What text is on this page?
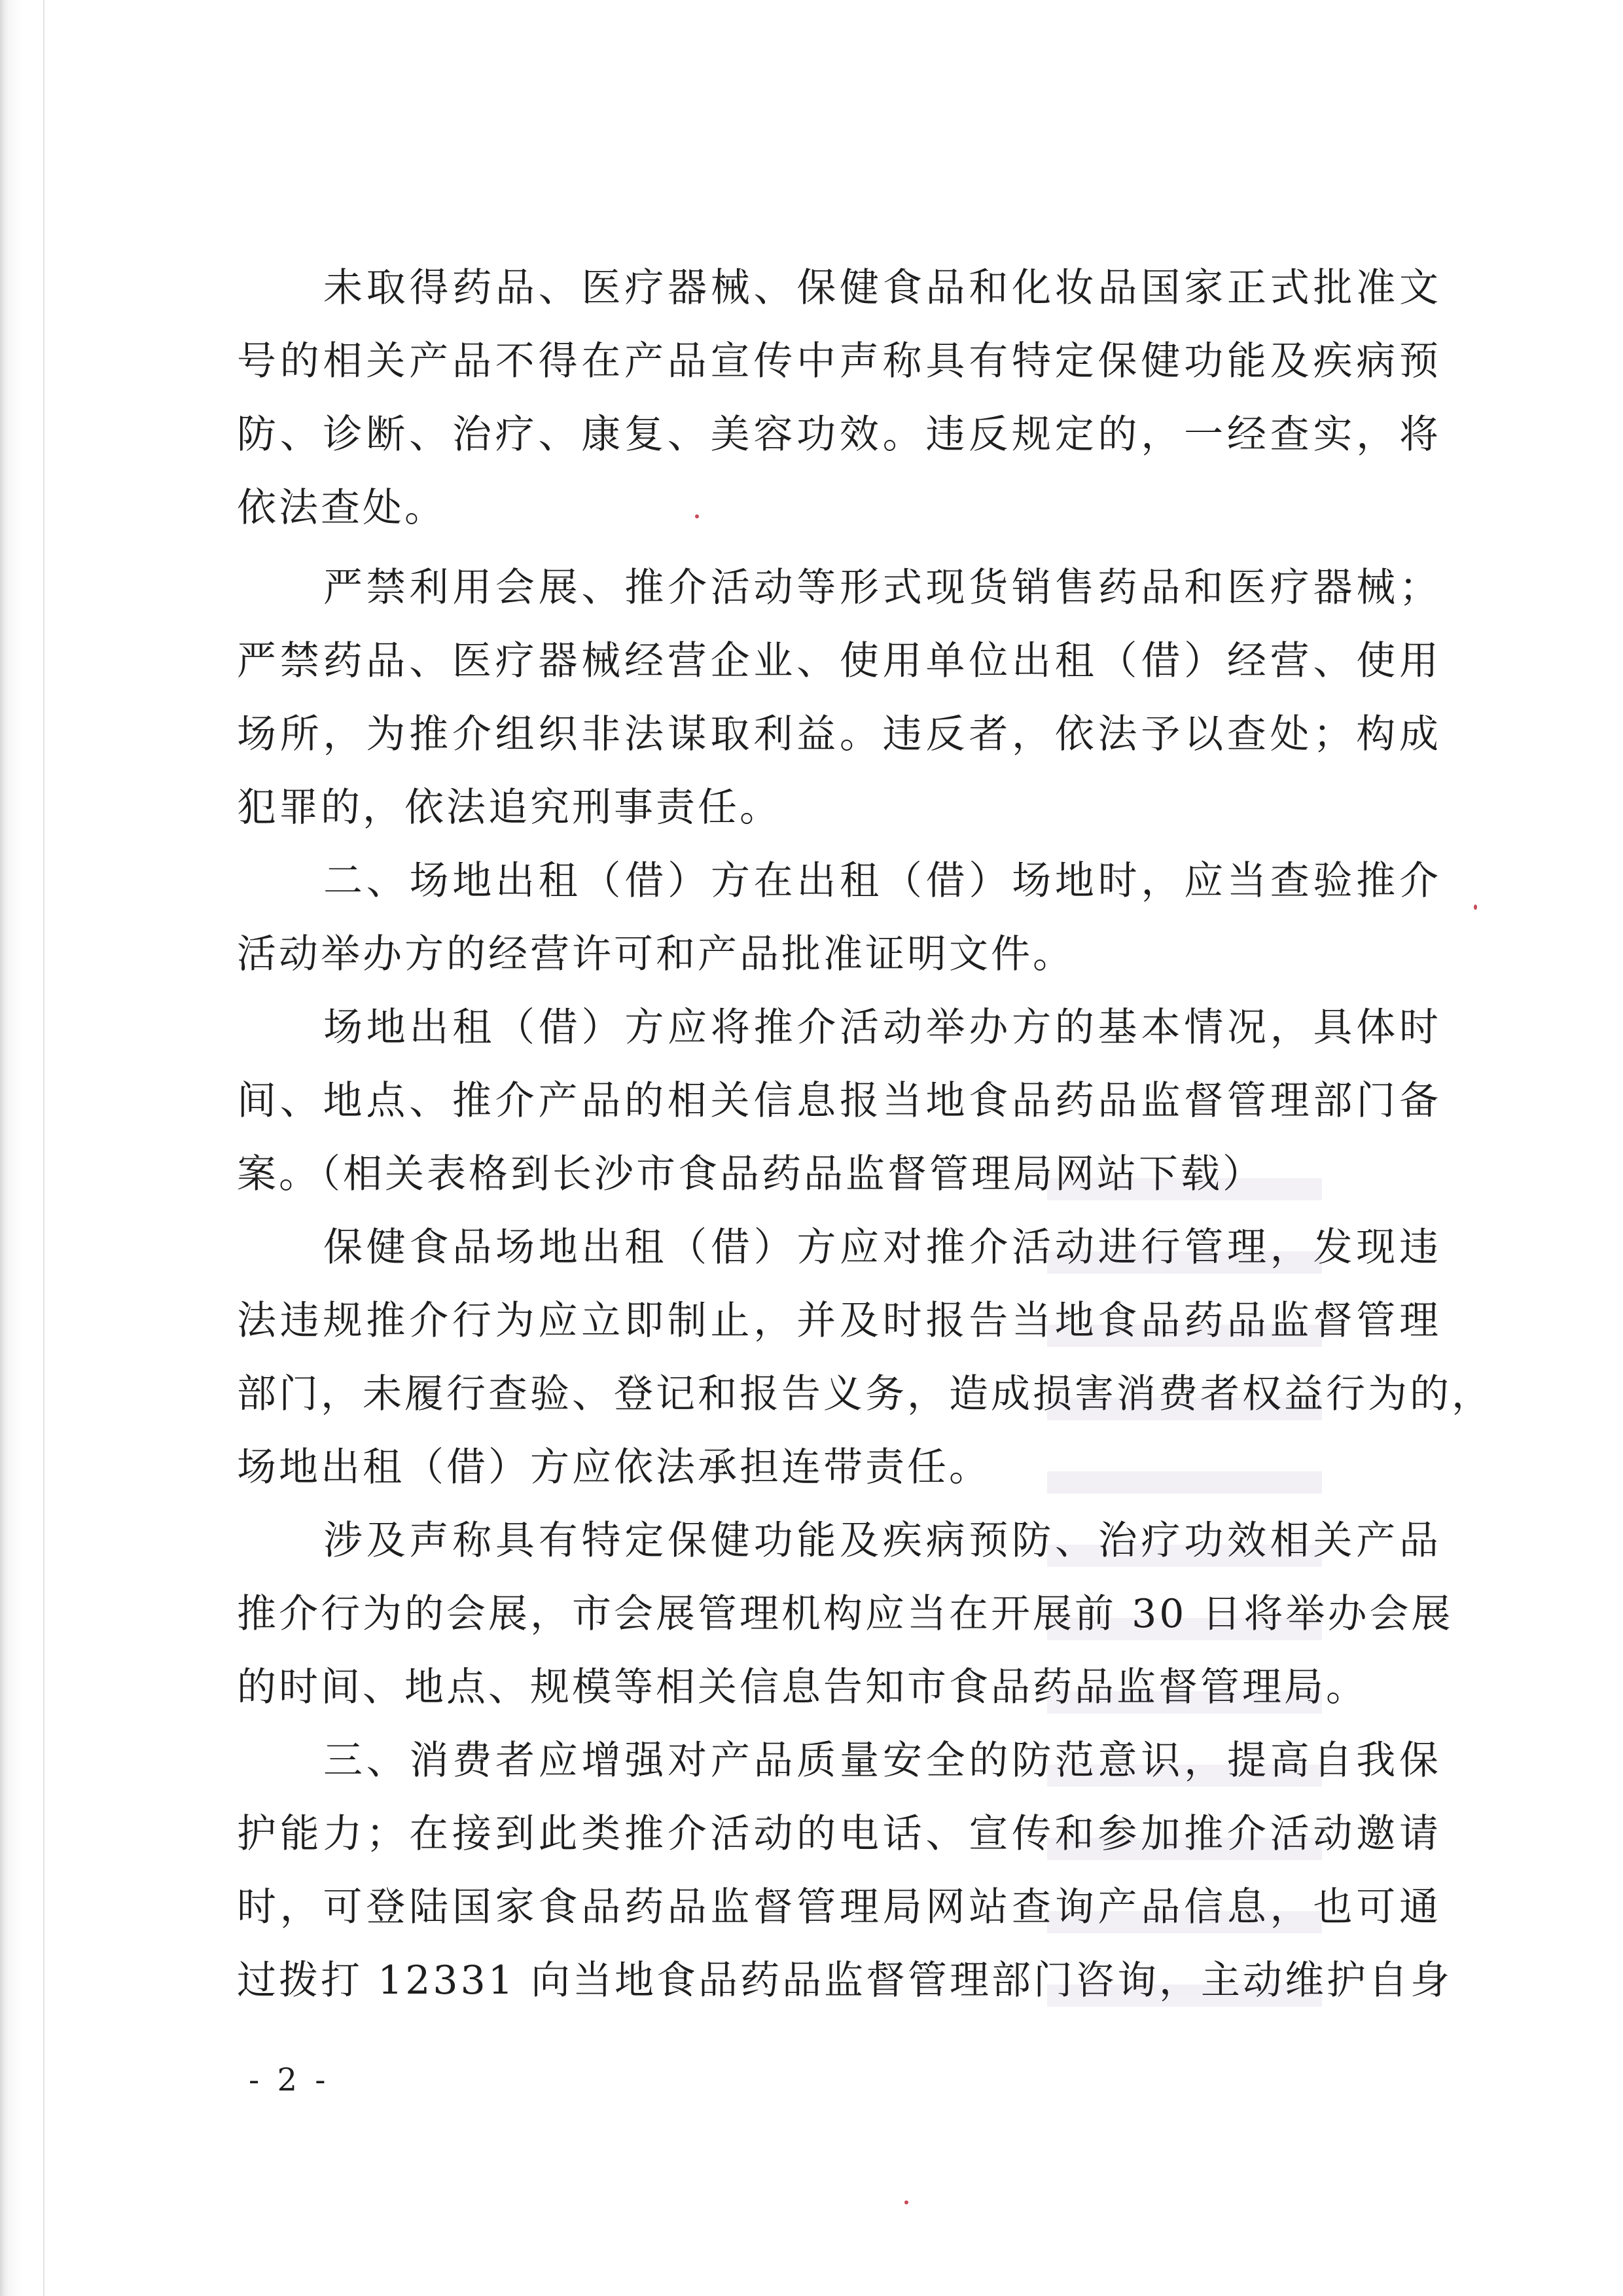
未取得药品、医疗器械、保健食品和化妆品国家正式批准文
号的相关产品不得在产品宣传中声称具有特定保健功能及疾病预
防、诊断、治疗、康复、美容功效。违反规定的，一经查实，将
依法查处。
严禁利用会展、推介活动等形式现货销售药品和医疗器械；
严禁药品、医疗器械经营企业、使用单位出租（借）经营、使用
场所，为推介组织非法谋取利益。违反者，依法予以查处；构成
犯罪的，依法追究刑事责任。
二、场地出租（借）方在出租（借）场地时，应当查验推介
活动举办方的经营许可和产品批准证明文件。
场地出租（借）方应将推介活动举办方的基本情况，具体时
间、地点、推介产品的相关信息报当地食品药品监督管理部门备
案。（相关表格到长沙市食品药品监督管理局网站下载）
保健食品场地出租（借）方应对推介活动进行管理，发现违
法违规推介行为应立即制止，并及时报告当地食品药品监督管理
部门，未履行查验、登记和报告义务，造成损害消费者权益行为的，
场地出租（借）方应依法承担连带责任。
涉及声称具有特定保健功能及疾病预防、治疗功效相关产品
推介行为的会展，市会展管理机构应当在开展前 30 日将举办会展
的时间、地点、规模等相关信息告知市食品药品监督管理局。
三、消费者应增强对产品质量安全的防范意识，提高自我保
护能力；在接到此类推介活动的电话、宣传和参加推介活动邀请
时，可登陆国家食品药品监督管理局网站查询产品信息，也可通
过拨打 12331 向当地食品药品监督管理部门咨询，主动维护自身
- 2 -
